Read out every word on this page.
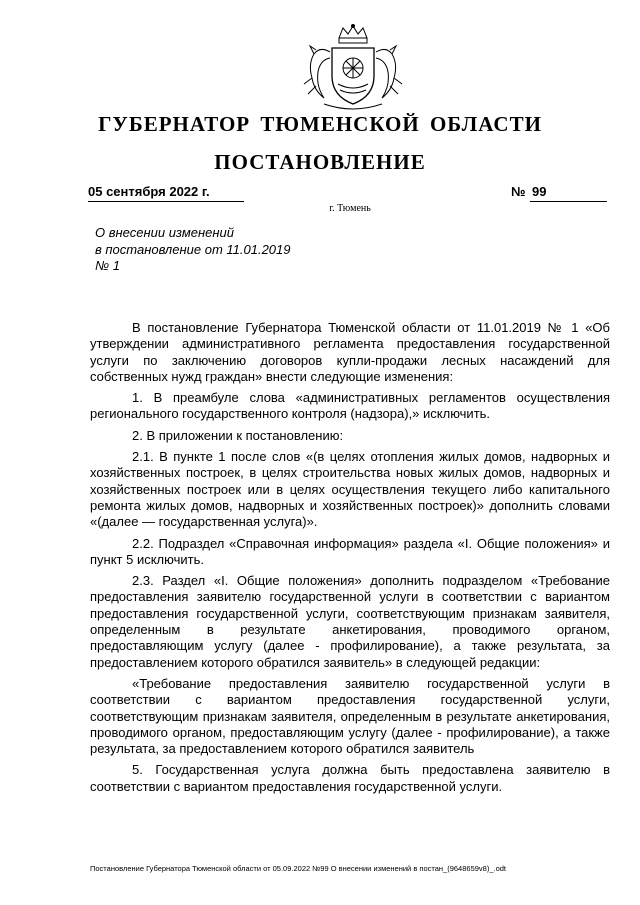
ГУБЕРНАТОР ТЮМЕНСКОЙ ОБЛАСТИ
ПОСТАНОВЛЕНИЕ
05 сентября 2022 г.	№ 99
г. Тюмень
О внесении изменений
в постановление от 11.01.2019
№ 1

В постановление Губернатора Тюменской области от 11.01.2019 № 1 «Об утверждении административного регламента предоставления государственной услуги по заключению договоров купли-продажи лесных насаждений для собственных нужд граждан» внести следующие изменения:

1. В преамбуле слова «административных регламентов осуществления регионального государственного контроля (надзора),» исключить.

2. В приложении к постановлению:

2.1. В пункте 1 после слов «(в целях отопления жилых домов, надворных и хозяйственных построек, в целях строительства новых жилых домов, надворных и хозяйственных построек или в целях осуществления текущего либо капитального ремонта жилых домов, надворных и хозяйственных построек)» дополнить словами «(далее — государственная услуга)».

2.2. Подраздел «Справочная информация» раздела «I. Общие положения» и пункт 5 исключить.

2.3. Раздел «I. Общие положения» дополнить подразделом «Требование предоставления заявителю государственной услуги в соответствии с вариантом предоставления государственной услуги, соответствующим признакам заявителя, определенным в результате анкетирования, проводимого органом, предоставляющим услугу (далее - профилирование), а также результата, за предоставлением которого обратился заявитель» в следующей редакции:

«Требование предоставления заявителю государственной услуги в соответствии с вариантом предоставления государственной услуги, соответствующим признакам заявителя, определенным в результате анкетирования, проводимого органом, предоставляющим услугу (далее - профилирование), а также результата, за предоставлением которого обратился заявитель

5. Государственная услуга должна быть предоставлена заявителю в соответствии с вариантом предоставления государственной услуги.

Постановление Губернатора Тюменской области от 05.09.2022 №99 О внесении изменений в постан_(9648659v8)_.odt
